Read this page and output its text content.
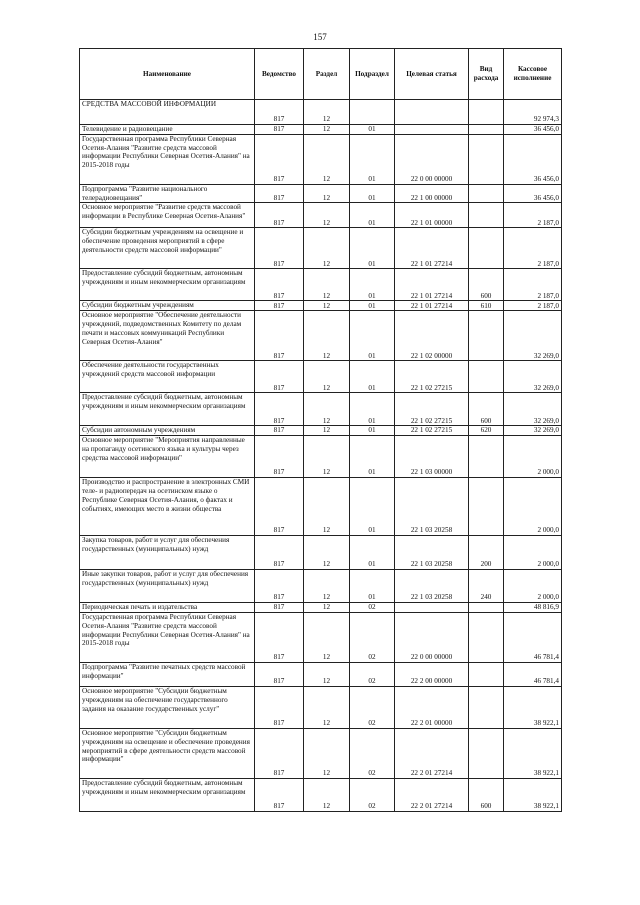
157
Наименование	Ведомство	Раздел	Подраздел	Целевая статья	Вид расхода	Кассовое исполнение
СРЕДСТВА МАССОВОЙ ИНФОРМАЦИИ	817	12				92 974,3
Телевидение и радиовещание	817	12	01			36 456,0
Государственная программа Республики Северная Осетия-Алания "Развитие средств массовой информации Республики Северная Осетия-Алания" на 2015-2018 годы	817	12	01	22 0 00 00000		36 456,0
Подпрограмма "Развитие национального телерадиовещания"	817	12	01	22 1 00 00000		36 456,0
Основное мероприятие "Развитие средств массовой информации в Республике Северная Осетия-Алания"	817	12	01	22 1 01 00000		2 187,0
Субсидии бюджетным учреждениям на освещение и обеспечение проведения мероприятий в сфере деятельности средств массовой информации"	817	12	01	22 1 01 27214		2 187,0
Предоставление субсидий бюджетным, автономным учреждениям и иным некоммерческим организациям	817	12	01	22 1 01 27214	600	2 187,0
Субсидии бюджетным учреждениям	817	12	01	22 1 01 27214	610	2 187,0
Основное мероприятие "Обеспечение деятельности учреждений, подведомственных Комитету по делам печати и массовых коммуникаций Республики Северная Осетия-Алания"	817	12	01	22 1 02 00000		32 269,0
Обеспечение деятельности государственных учреждений средств массовой информации	817	12	01	22 1 02 27215		32 269,0
Предоставление субсидий бюджетным, автономным учреждениям и иным некоммерческим организациям	817	12	01	22 1 02 27215	600	32 269,0
Субсидии автономным учреждениям	817	12	01	22 1 02 27215	620	32 269,0
Основное мероприятие "Мероприятия направленные на пропаганду осетинского языка и культуры через средства массовой информации"	817	12	01	22 1 03 00000		2 000,0
Производство и распространение в электронных СМИ теле- и радиопередач на осетинском языке о Республике Северная Осетия-Алания, о фактах и событиях, имеющих место в жизни общества	817	12	01	22 1 03 20258		2 000,0
Закупка товаров, работ и услуг для обеспечения государственных (муниципальных) нужд	817	12	01	22 1 03 20258	200	2 000,0
Иные закупки товаров, работ и услуг для обеспечения государственных (муниципальных) нужд	817	12	01	22 1 03 20258	240	2 000,0
Периодическая печать и издательства	817	12	02			48 816,9
Государственная программа Республики Северная Осетия-Алания "Развитие средств массовой информации Республики Северная Осетия-Алания" на 2015-2018 годы	817	12	02	22 0 00 00000		46 781,4
Подпрограмма "Развитие печатных средств массовой информации"	817	12	02	22 2 00 00000		46 781,4
Основное мероприятие "Субсидии бюджетным учреждениям на обеспечение государственного задания на оказание государственных услуг"	817	12	02	22 2 01 00000		38 922,1
Основное мероприятие "Субсидии бюджетным учреждениям на освещение и обеспечение проведения мероприятий в сфере деятельности средств массовой информации"	817	12	02	22 2 01 27214		38 922,1
Предоставление субсидий бюджетным, автономным учреждениям и иным некоммерческим организациям	817	12	02	22 2 01 27214	600	38 922,1
